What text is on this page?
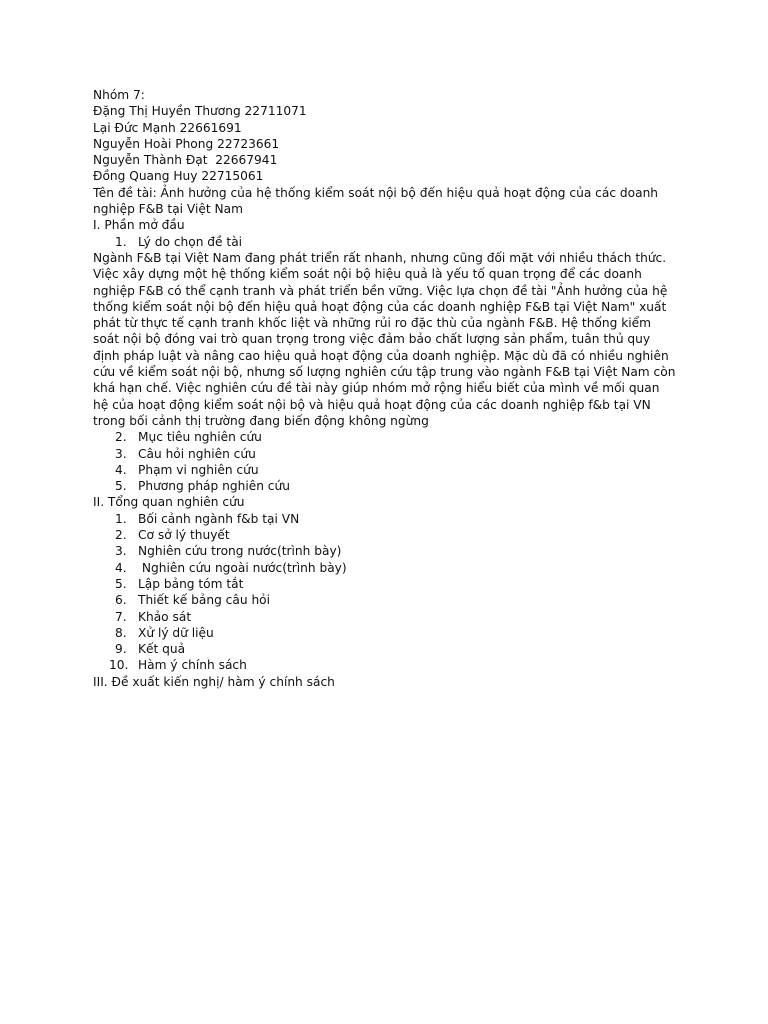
Nhóm 7:
Đặng Thị Huyền Thương 22711071
Lại Đức Mạnh 22661691
Nguyễn Hoài Phong 22723661
Nguyễn Thành Đạt  22667941
Đồng Quang Huy 22715061
Tên đề tài: Ảnh hưởng của hệ thống kiểm soát nội bộ đến hiệu quả hoạt động của các doanh nghiệp F&B tại Việt Nam
I. Phần mở đầu
1. Lý do chọn đề tài
Ngành F&B tại Việt Nam đang phát triển rất nhanh, nhưng cũng đối mặt với nhiều thách thức. Việc xây dựng một hệ thống kiểm soát nội bộ hiệu quả là yếu tố quan trọng để các doanh nghiệp F&B có thể cạnh tranh và phát triển bền vững. Việc lựa chọn đề tài "Ảnh hưởng của hệ thống kiểm soát nội bộ đến hiệu quả hoạt động của các doanh nghiệp F&B tại Việt Nam" xuất phát từ thực tế cạnh tranh khốc liệt và những rủi ro đặc thù của ngành F&B. Hệ thống kiểm soát nội bộ đóng vai trò quan trọng trong việc đảm bảo chất lượng sản phẩm, tuân thủ quy định pháp luật và nâng cao hiệu quả hoạt động của doanh nghiệp. Mặc dù đã có nhiều nghiên cứu về kiểm soát nội bộ, nhưng số lượng nghiên cứu tập trung vào ngành F&B tại Việt Nam còn khá hạn chế. Việc nghiên cứu đề tài này giúp nhóm mở rộng hiểu biết của mình về mối quan hệ của hoạt động kiểm soát nội bộ và hiệu quả hoạt động của các doanh nghiệp f&b tại VN trong bối cảnh thị trường đang biến động không ngừng
2. Mục tiêu nghiên cứu
3. Câu hỏi nghiên cứu
4. Phạm vi nghiên cứu
5. Phương pháp nghiên cứu
II. Tổng quan nghiên cứu
1. Bối cảnh ngành f&b tại VN
2. Cơ sở lý thuyết
3. Nghiên cứu trong nước(trình bày)
4. Nghiên cứu ngoài nước(trình bày)
5. Lập bảng tóm tắt
6. Thiết kế bảng câu hỏi
7. Khảo sát
8. Xử lý dữ liệu
9. Kết quả
10. Hàm ý chính sách
III. Đề xuất kiến nghị/ hàm ý chính sách
